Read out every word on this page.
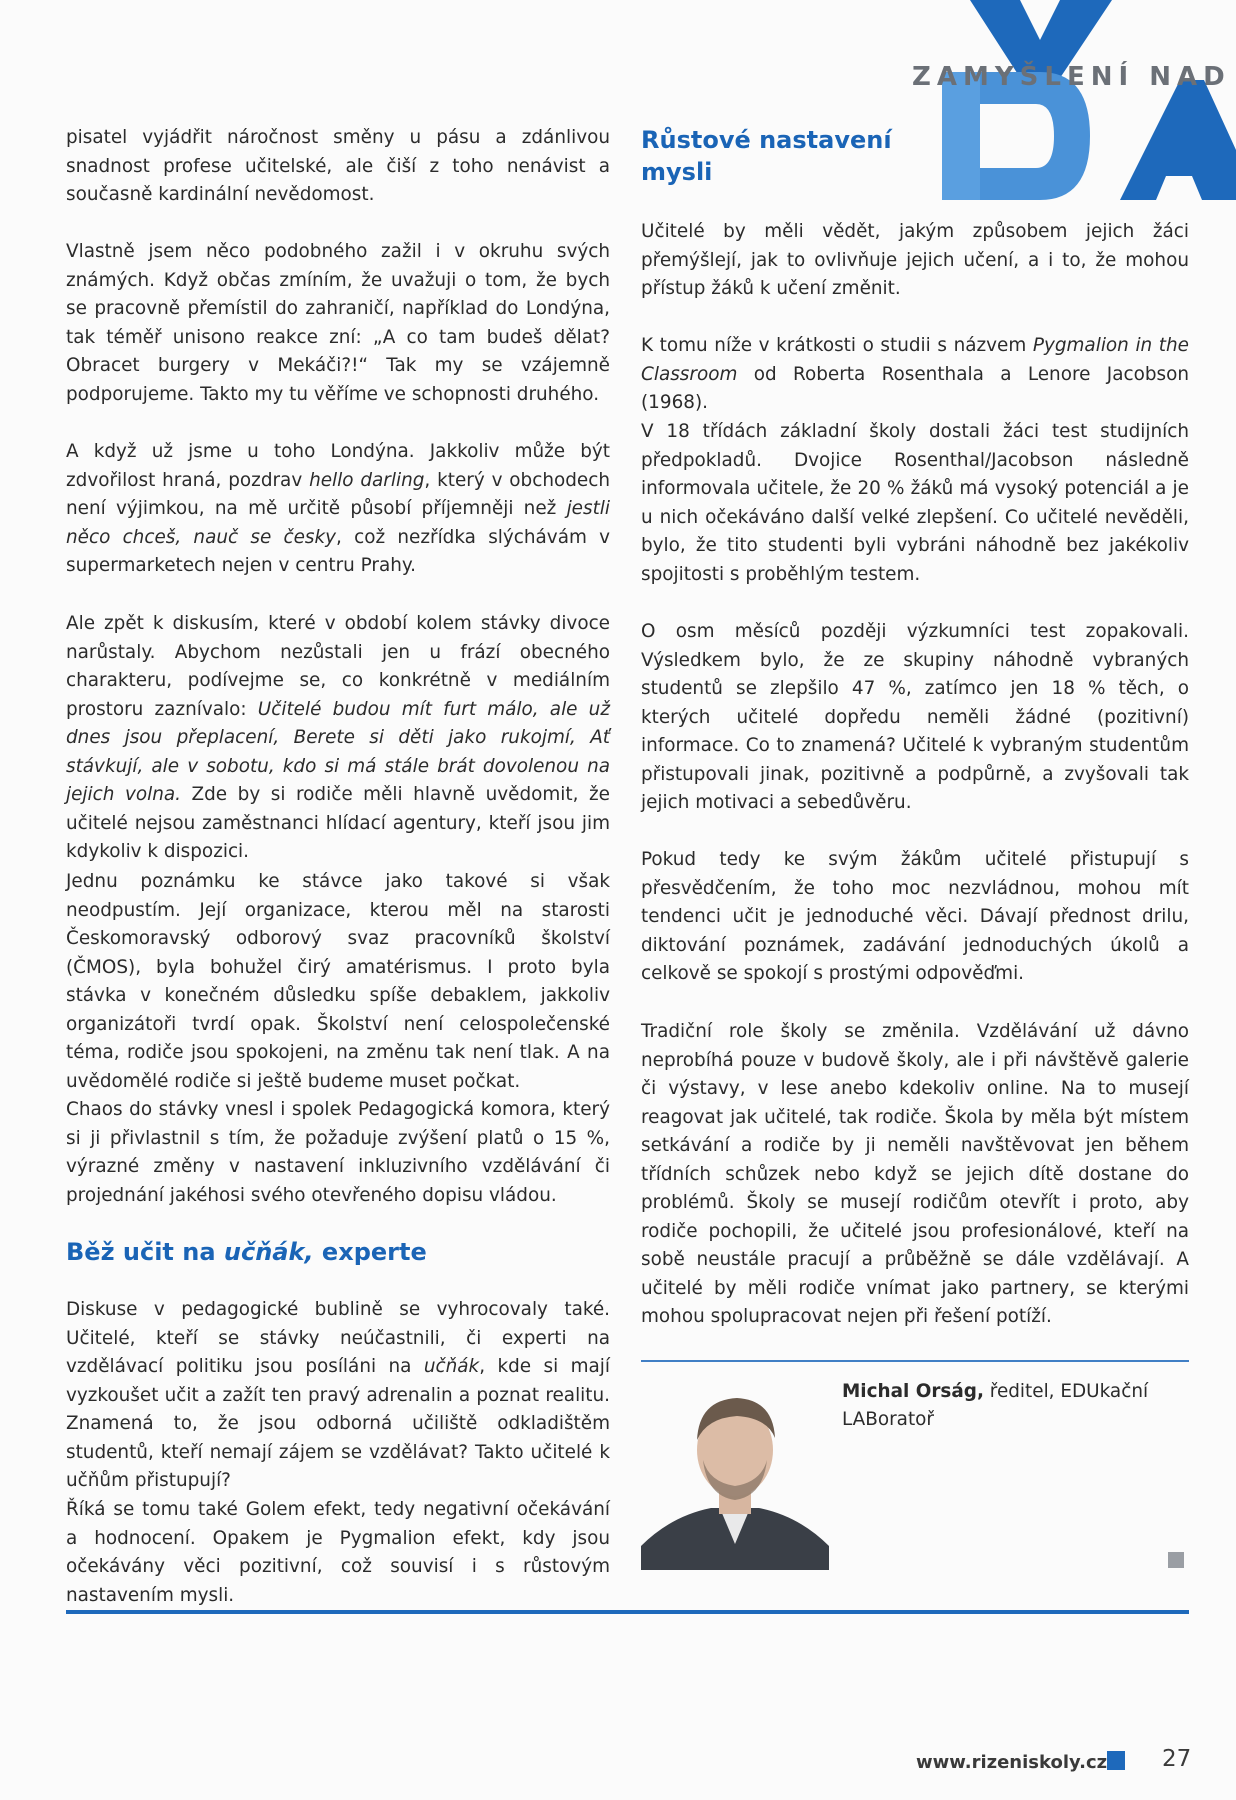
ZAMYŠLENÍ NAD

pisatel vyjádřit náročnost směny u pásu a zdánlivou snadnost profese učitelské, ale čiší z toho nenávist a současně kardinální nevědomost.

Vlastně jsem něco podobného zažil i v okruhu svých známých. Když občas zmíním, že uvažuji o tom, že bych se pracovně přemístil do zahraničí, například do Londýna, tak téměř unisono reakce zní: „A co tam budeš dělat? Obracet burgery v Mekáči?!“ Tak my se vzájemně podporujeme. Takto my tu věříme ve schopnosti druhého.

A když už jsme u toho Londýna. Jakkoliv může být zdvořilost hraná, pozdrav hello darling, který v obchodech není výjimkou, na mě určitě působí příjemněji než jestli něco chceš, nauč se česky, což nezřídka slýchávám v supermarketech nejen v centru Prahy.

Ale zpět k diskusím, které v období kolem stávky divoce narůstaly. Abychom nezůstali jen u frází obecného charakteru, podívejme se, co konkrétně v mediálním prostoru zaznívalo: Učitelé budou mít furt málo, ale už dnes jsou přeplacení, Berete si děti jako rukojmí, Ať stávkují, ale v sobotu, kdo si má stále brát dovolenou na jejich volna. Zde by si rodiče měli hlavně uvědomit, že učitelé nejsou zaměstnanci hlídací agentury, kteří jsou jim kdykoliv k dispozici.

Jednu poznámku ke stávce jako takové si však neodpustím. Její organizace, kterou měl na starosti Českomoravský odborový svaz pracovníků školství (ČMOS), byla bohužel čirý amatérismus. I proto byla stávka v konečném důsledku spíše debaklem, jakkoliv organizátoři tvrdí opak. Školství není celospolečenské téma, rodiče jsou spokojeni, na změnu tak není tlak. A na uvědomělé rodiče si ještě budeme muset počkat.

Chaos do stávky vnesl i spolek Pedagogická komora, který si ji přivlastnil s tím, že požaduje zvýšení platů o 15 %, výrazné změny v nastavení inkluzivního vzdělávání či projednání jakéhosi svého otevřeného dopisu vládou.

Běž učit na učňák, experte

Diskuse v pedagogické bublině se vyhrocovaly také. Učitelé, kteří se stávky neúčastnili, či experti na vzdělávací politiku jsou posíláni na učňák, kde si mají vyzkoušet učit a zažít ten pravý adrenalin a poznat realitu. Znamená to, že jsou odborná učiliště odkladištěm studentů, kteří nemají zájem se vzdělávat? Takto učitelé k učňům přistupují?

Říká se tomu také Golem efekt, tedy negativní očekávání a hodnocení. Opakem je Pygmalion efekt, kdy jsou očekávány věci pozitivní, což souvisí i s růstovým nastavením mysli.

Růstové nastavení
mysli

Učitelé by měli vědět, jakým způsobem jejich žáci přemýšlejí, jak to ovlivňuje jejich učení, a i to, že mohou přístup žáků k učení změnit.

K tomu níže v krátkosti o studii s názvem Pygmalion in the Classroom od Roberta Rosenthala a Lenore Jacobson (1968).

V 18 třídách základní školy dostali žáci test studijních předpokladů. Dvojice Rosenthal/Jacobson následně informovala učitele, že 20 % žáků má vysoký potenciál a je u nich očekáváno další velké zlepšení. Co učitelé nevěděli, bylo, že tito studenti byli vybráni náhodně bez jakékoliv spojitosti s proběhlým testem.

O osm měsíců později výzkumníci test zopakovali. Výsledkem bylo, že ze skupiny náhodně vybraných studentů se zlepšilo 47 %, zatímco jen 18 % těch, o kterých učitelé dopředu neměli žádné (pozitivní) informace. Co to znamená? Učitelé k vybraným studentům přistupovali jinak, pozitivně a podpůrně, a zvyšovali tak jejich motivaci a sebedůvěru.

Pokud tedy ke svým žákům učitelé přistupují s přesvědčením, že toho moc nezvládnou, mohou mít tendenci učit je jednoduché věci. Dávají přednost drilu, diktování poznámek, zadávání jednoduchých úkolů a celkově se spokojí s prostými odpověďmi.

Tradiční role školy se změnila. Vzdělávání už dávno neprobíhá pouze v budově školy, ale i při návštěvě galerie či výstavy, v lese anebo kdekoliv online. Na to musejí reagovat jak učitelé, tak rodiče. Škola by měla být místem setkávání a rodiče by ji neměli navštěvovat jen během třídních schůzek nebo když se jejich dítě dostane do problémů. Školy se musejí rodičům otevřít i proto, aby rodiče pochopili, že učitelé jsou profesionálové, kteří na sobě neustále pracují a průběžně se dále vzdělávají. A učitelé by měli rodiče vnímat jako partnery, se kterými mohou spolupracovat nejen při řešení potíží.

Michal Orság, ředitel, EDUkační LABoratoř
www.rizeniskoly.cz 27
